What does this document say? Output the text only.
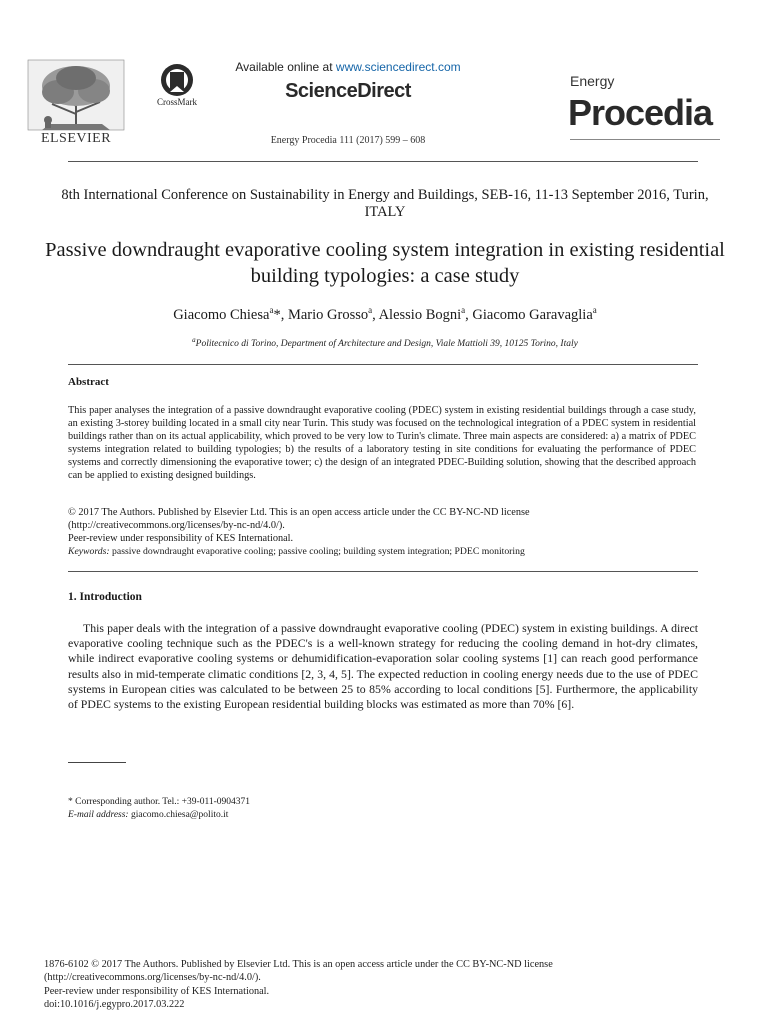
ELSEVIER
CrossMark
Available online at www.sciencedirect.com
ScienceDirect
Energy Procedia 111 (2017) 599 – 608
Energy
Procedia
8th International Conference on Sustainability in Energy and Buildings, SEB-16, 11-13 September 2016, Turin, ITALY
Passive downdraught evaporative cooling system integration in existing residential building typologies: a case study
Giacomo Chiesa$^a$*, Mario Grosso$^a$, Alessio Bogni$^a$, Giacomo Garavaglia$^a$
$^a$Politecnico di Torino, Department of Architecture and Design, Viale Mattioli 39, 10125 Torino, Italy
Abstract
This paper analyses the integration of a passive downdraught evaporative cooling (PDEC) system in existing residential buildings through a case study, an existing 3-storey building located in a small city near Turin. This study was focused on the technological integration of a PDEC system in residential buildings rather than on its actual applicability, which proved to be very low to Turin's climate. Three main aspects are considered: a) a matrix of PDEC systems integration related to building typologies; b) the results of a laboratory testing in site conditions for evaluating the performance of PDEC systems and correctly dimensioning the evaporative tower; c) the design of an integrated PDEC-Building solution, showing that the described approach can be applied to existing designed buildings.
© 2017 The Authors. Published by Elsevier Ltd. This is an open access article under the CC BY-NC-ND license
(http://creativecommons.org/licenses/by-nc-nd/4.0/).
Peer-review under responsibility of KES International.
Keywords: passive downdraught evaporative cooling; passive cooling; building system integration; PDEC monitoring
1. Introduction
This paper deals with the integration of a passive downdraught evaporative cooling (PDEC) system in existing buildings. A direct evaporative cooling technique such as the PDEC's is a well-known strategy for reducing the cooling demand in hot-dry climates, while indirect evaporative cooling systems or dehumidification-evaporation solar cooling systems [1] can reach good performance results also in mid-temperate climatic conditions [2, 3, 4, 5]. The expected reduction in cooling energy needs due to the use of PDEC systems in European cities was calculated to be between 25 to 85% according to local conditions [5]. Furthermore, the applicability of PDEC systems to the existing European residential building blocks was estimated as more than 70% [6].
* Corresponding author. Tel.: +39-011-0904371
E-mail address: giacomo.chiesa@polito.it
1876-6102 © 2017 The Authors. Published by Elsevier Ltd. This is an open access article under the CC BY-NC-ND license
(http://creativecommons.org/licenses/by-nc-nd/4.0/).
Peer-review under responsibility of KES International.
doi:10.1016/j.egypro.2017.03.222
